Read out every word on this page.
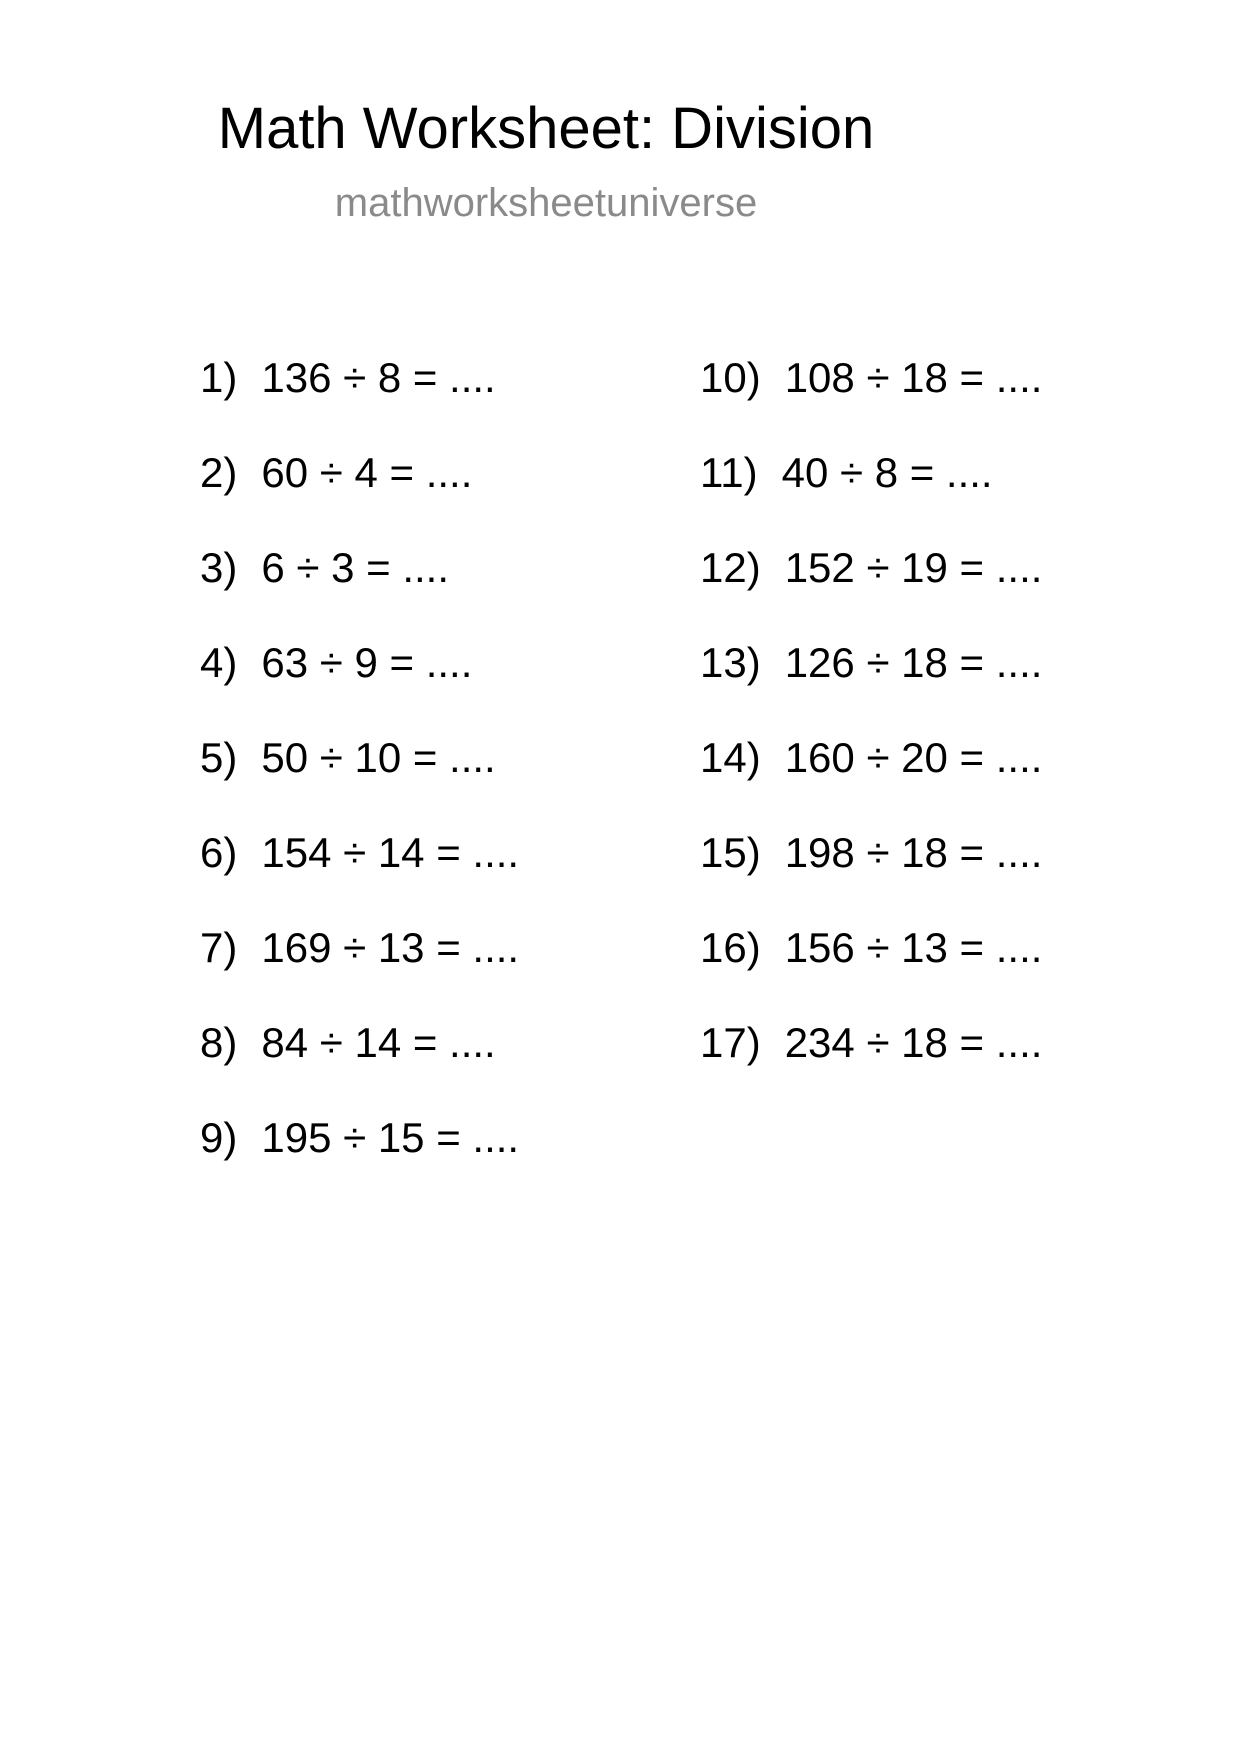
Math Worksheet: Division
mathworksheetuniverse
1) 136 ÷ 8 = ....
2) 60 ÷ 4 = ....
3) 6 ÷ 3 = ....
4) 63 ÷ 9 = ....
5) 50 ÷ 10 = ....
6) 154 ÷ 14 = ....
7) 169 ÷ 13 = ....
8) 84 ÷ 14 = ....
9) 195 ÷ 15 = ....
10) 108 ÷ 18 = ....
11) 40 ÷ 8 = ....
12) 152 ÷ 19 = ....
13) 126 ÷ 18 = ....
14) 160 ÷ 20 = ....
15) 198 ÷ 18 = ....
16) 156 ÷ 13 = ....
17) 234 ÷ 18 = ....
